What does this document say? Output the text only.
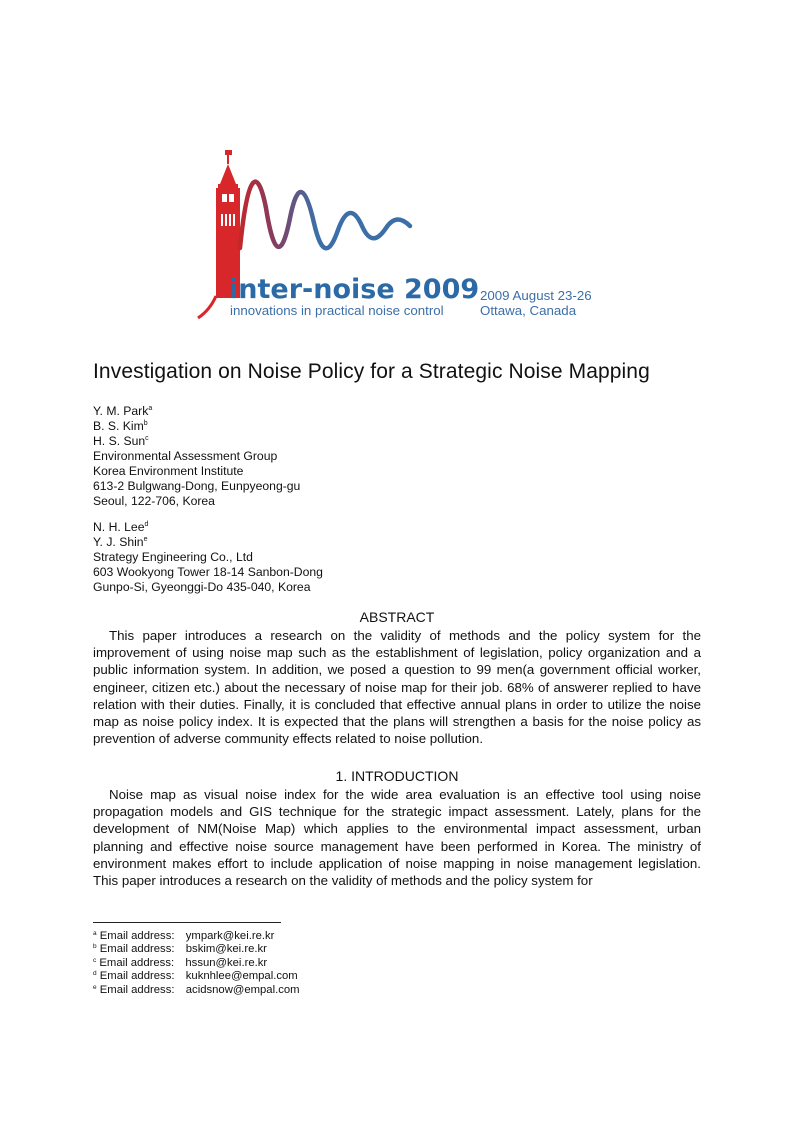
inter-noise 2009
innovations in practical noise control
2009 August 23-26
Ottawa, Canada
Investigation on Noise Policy for a Strategic Noise Mapping
Y. M. Park$^a$
B. S. Kim$^b$
H. S. Sun$^c$
Environmental Assessment Group
Korea Environment Institute
613-2 Bulgwang-Dong, Eunpyeong-gu
Seoul, 122-706, Korea
N. H. Lee$^d$
Y. J. Shin$^e$
Strategy Engineering Co., Ltd
603 Wookyong Tower 18-14 Sanbon-Dong
Gunpo-Si, Gyeonggi-Do 435-040, Korea
ABSTRACT
This paper introduces a research on the validity of methods and the policy system for the improvement of using noise map such as the establishment of legislation, policy organization and a public information system. In addition, we posed a question to 99 men(a government official worker, engineer, citizen etc.) about the necessary of noise map for their job. 68% of answerer replied to have relation with their duties. Finally, it is concluded that effective annual plans in order to utilize the noise map as noise policy index. It is expected that the plans will strengthen a basis for the noise policy as prevention of adverse community effects related to noise pollution.
1. INTRODUCTION
Noise map as visual noise index for the wide area evaluation is an effective tool using noise propagation models and GIS technique for the strategic impact assessment. Lately, plans for the development of NM(Noise Map) which applies to the environmental impact assessment, urban planning and effective noise source management have been performed in Korea. The ministry of environment makes effort to include application of noise mapping in noise management legislation. This paper introduces a research on the validity of methods and the policy system for
$^a$ Email address: ympark@kei.re.kr
$^b$ Email address: bskim@kei.re.kr
$^c$ Email address: hssun@kei.re.kr
$^d$ Email address: kuknhlee@empal.com
$^e$ Email address: acidsnow@empal.com
